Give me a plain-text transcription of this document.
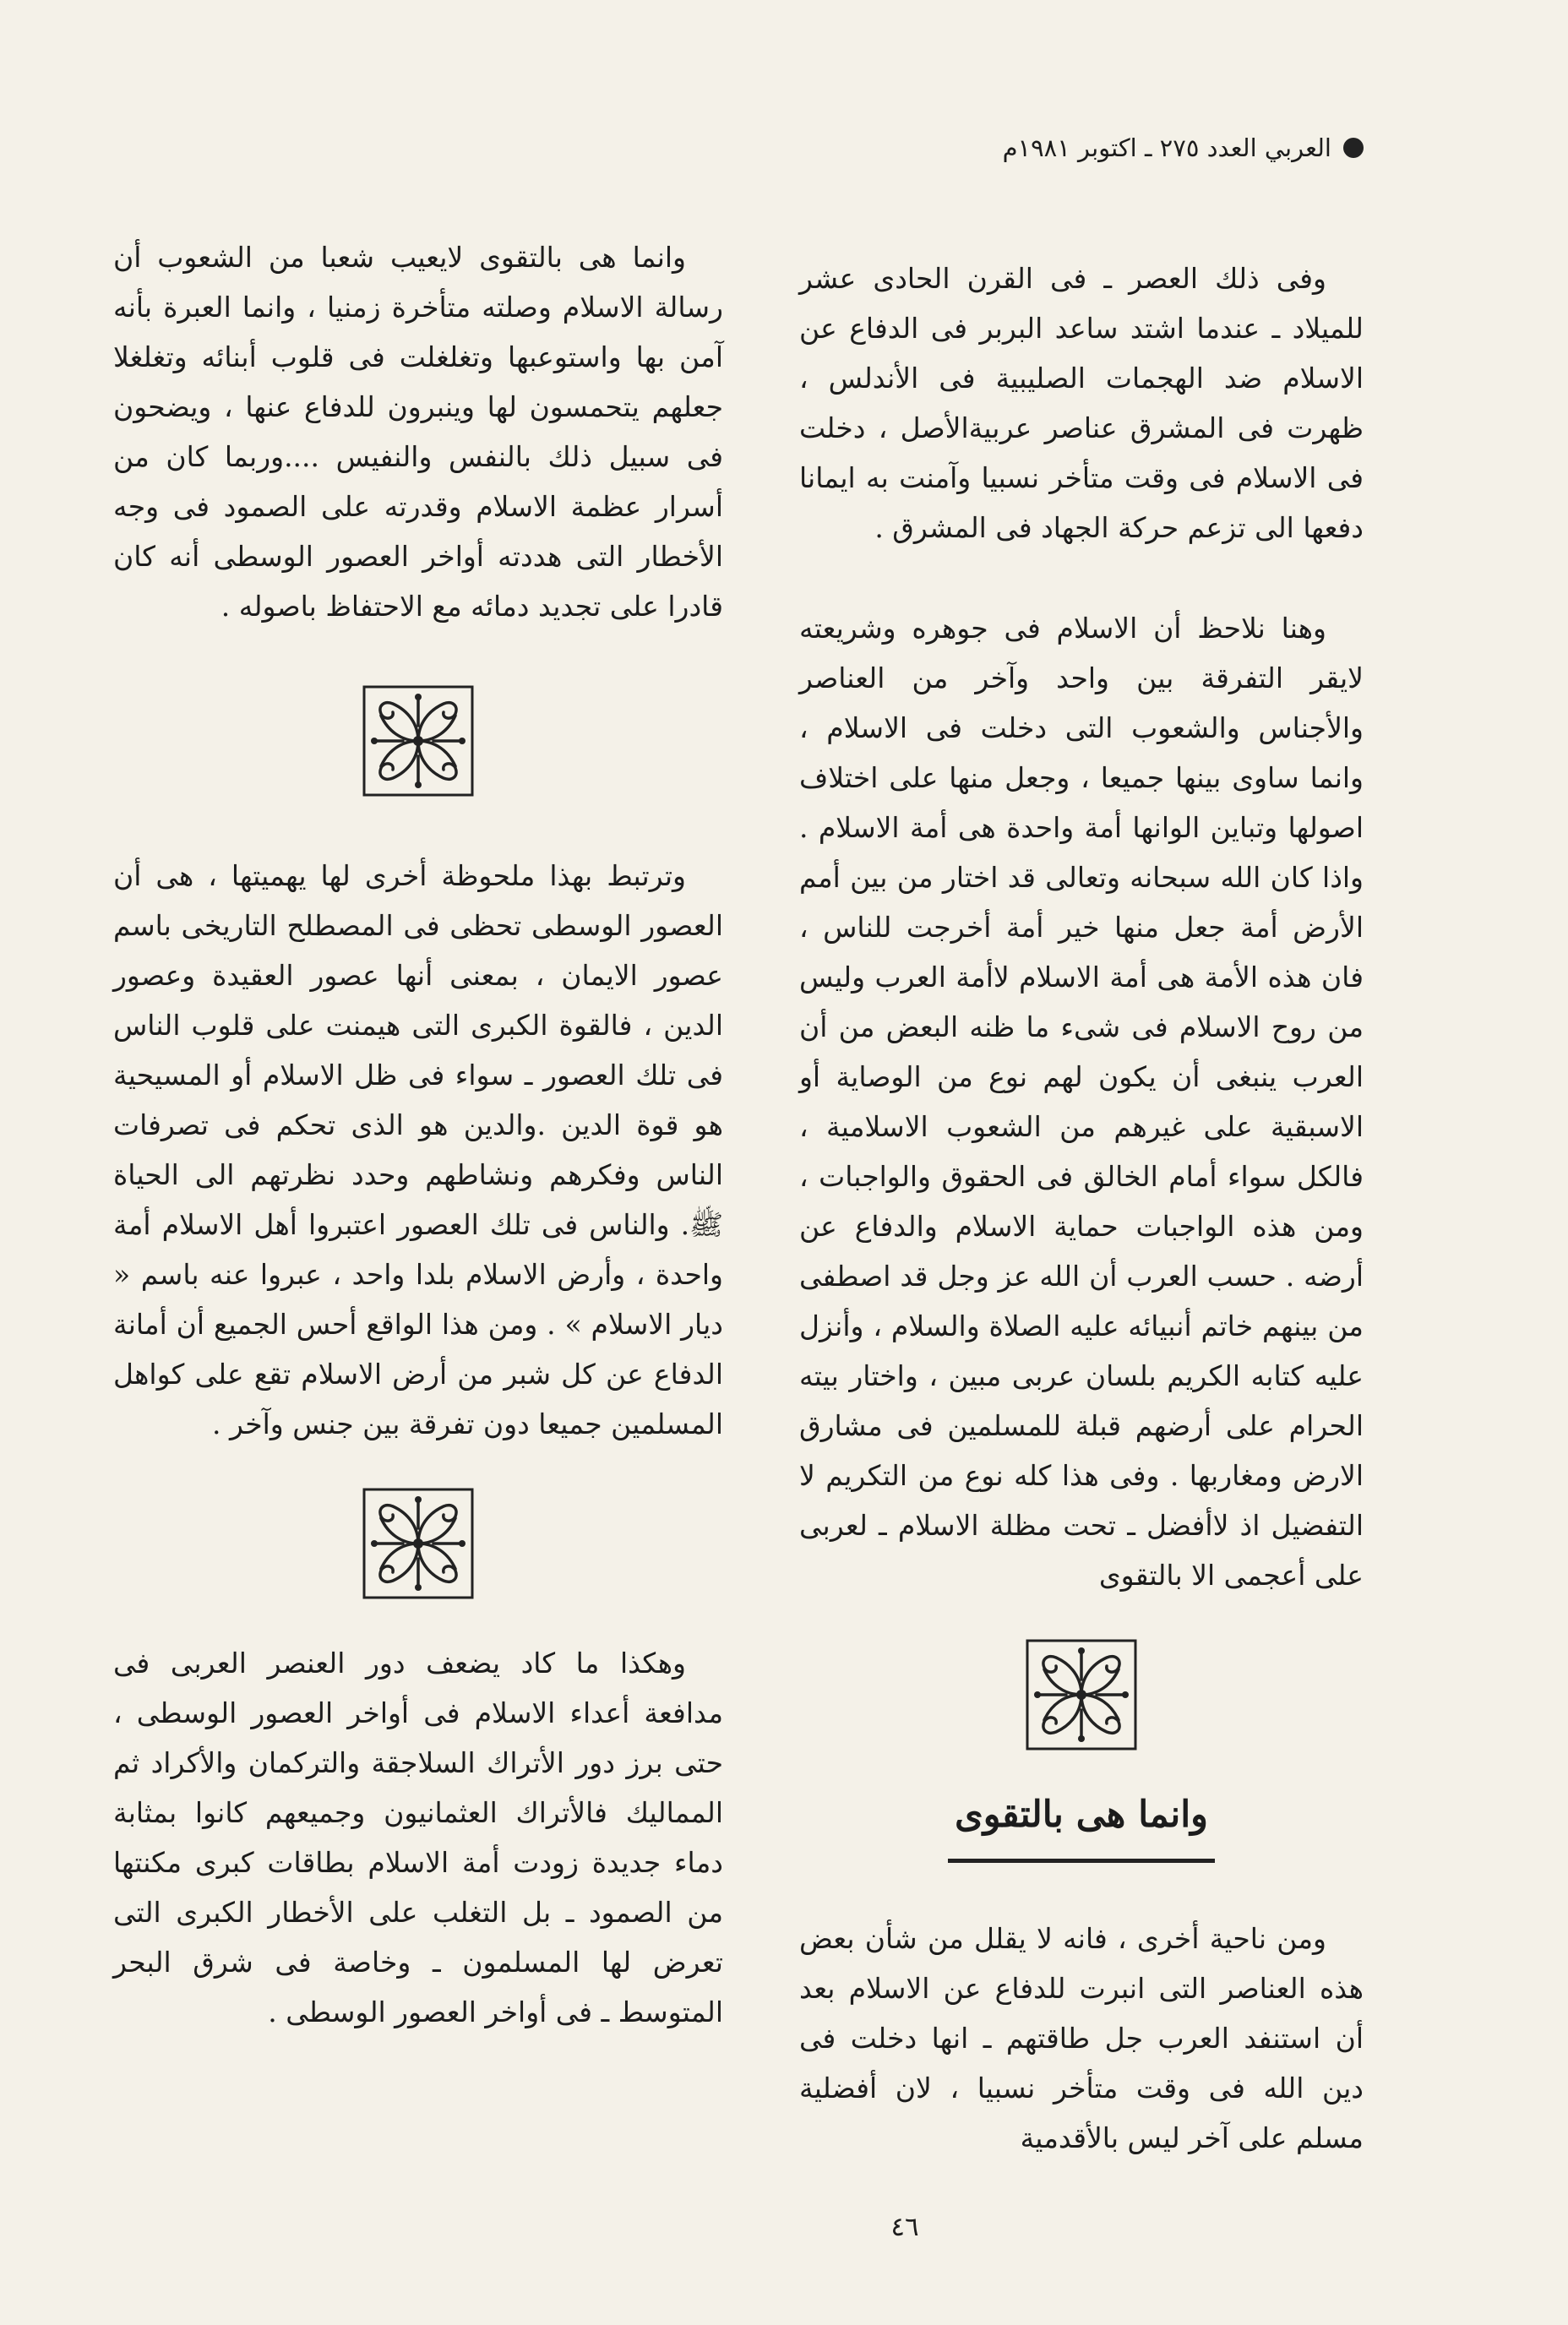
العربي العدد ٢٧٥ ـ اكتوبر ١٩٨١م

وفى ذلك العصر ـ فى القرن الحادى عشر للميلاد ـ عندما اشتد ساعد البربر فى الدفاع عن الاسلام ضد الهجمات الصليبية فى الأندلس ، ظهرت فى المشرق عناصر عربيةالأصل ، دخلت فى الاسلام فى وقت متأخر نسبيا وآمنت به ايمانا دفعها الى تزعم حركة الجهاد فى المشرق .

وهنا نلاحظ أن الاسلام فى جوهره وشريعته لايقر التفرقة بين واحد وآخر من العناصر والأجناس والشعوب التى دخلت فى الاسلام ، وانما ساوى بينها جميعا ، وجعل منها على اختلاف اصولها وتباين الوانها أمة واحدة هى أمة الاسلام . واذا كان الله سبحانه وتعالى قد اختار من بين أمم الأرض أمة جعل منها خير أمة أخرجت للناس ، فان هذه الأمة هى أمة الاسلام لاأمة العرب وليس من روح الاسلام فى شىء ما ظنه البعض من أن العرب ينبغى أن يكون لهم نوع من الوصاية أو الاسبقية على غيرهم من الشعوب الاسلامية ، فالكل سواء أمام الخالق فى الحقوق والواجبات ، ومن هذه الواجبات حماية الاسلام والدفاع عن أرضه . حسب العرب أن الله عز وجل قد اصطفى من بينهم خاتم أنبيائه عليه الصلاة والسلام ، وأنزل عليه كتابه الكريم بلسان عربى مبين ، واختار بيته الحرام على أرضهم قبلة للمسلمين فى مشارق الارض ومغاربها . وفى هذا كله نوع من التكريم لا التفضيل اذ لاأفضل ـ تحت مظلة الاسلام ـ لعربى على أعجمى الا بالتقوى

وانما هى بالتقوى

ومن ناحية أخرى ، فانه لا يقلل من شأن بعض هذه العناصر التى انبرت للدفاع عن الاسلام بعد أن استنفد العرب جل طاقتهم ـ انها دخلت فى دين الله فى وقت متأخر نسبيا ، لان أفضلية مسلم على آخر ليس بالأقدمية

وانما هى بالتقوى لايعيب شعبا من الشعوب أن رسالة الاسلام وصلته متأخرة زمنيا ، وانما العبرة بأنه آمن بها واستوعبها وتغلغلت فى قلوب أبنائه وتغلغلا جعلهم يتحمسون لها وينبرون للدفاع عنها ، ويضحون فى سبيل ذلك بالنفس والنفيس ....وربما كان من أسرار عظمة الاسلام وقدرته على الصمود فى وجه الأخطار التى هددته أواخر العصور الوسطى أنه كان قادرا على تجديد دمائه مع الاحتفاظ باصوله .

وترتبط بهذا ملحوظة أخرى لها يهميتها ، هى أن العصور الوسطى تحظى فى المصطلح التاريخى باسم عصور الايمان ، بمعنى أنها عصور العقيدة وعصور الدين ، فالقوة الكبرى التى هيمنت على قلوب الناس فى تلك العصور ـ سواء فى ظل الاسلام أو المسيحية هو قوة الدين .والدين هو الذى تحكم فى تصرفات الناس وفكرهم ونشاطهم وحدد نظرتهم الى الحياة ﷺ. والناس فى تلك العصور اعتبروا أهل الاسلام أمة واحدة ، وأرض الاسلام بلدا واحد ، عبروا عنه باسم « ديار الاسلام » . ومن هذا الواقع أحس الجميع أن أمانة الدفاع عن كل شبر من أرض الاسلام تقع على كواهل المسلمين جميعا دون تفرقة بين جنس وآخر .

وهكذا ما كاد يضعف دور العنصر العربى فى مدافعة أعداء الاسلام فى أواخر العصور الوسطى ، حتى برز دور الأتراك السلاجقة والتركمان والأكراد ثم المماليك فالأتراك العثمانيون وجميعهم كانوا بمثابة دماء جديدة زودت أمة الاسلام بطاقات كبرى مكنتها من الصمود ـ بل التغلب على الأخطار الكبرى التى تعرض لها المسلمون ـ وخاصة فى شرق البحر المتوسط ـ فى أواخر العصور الوسطى .

٤٦
